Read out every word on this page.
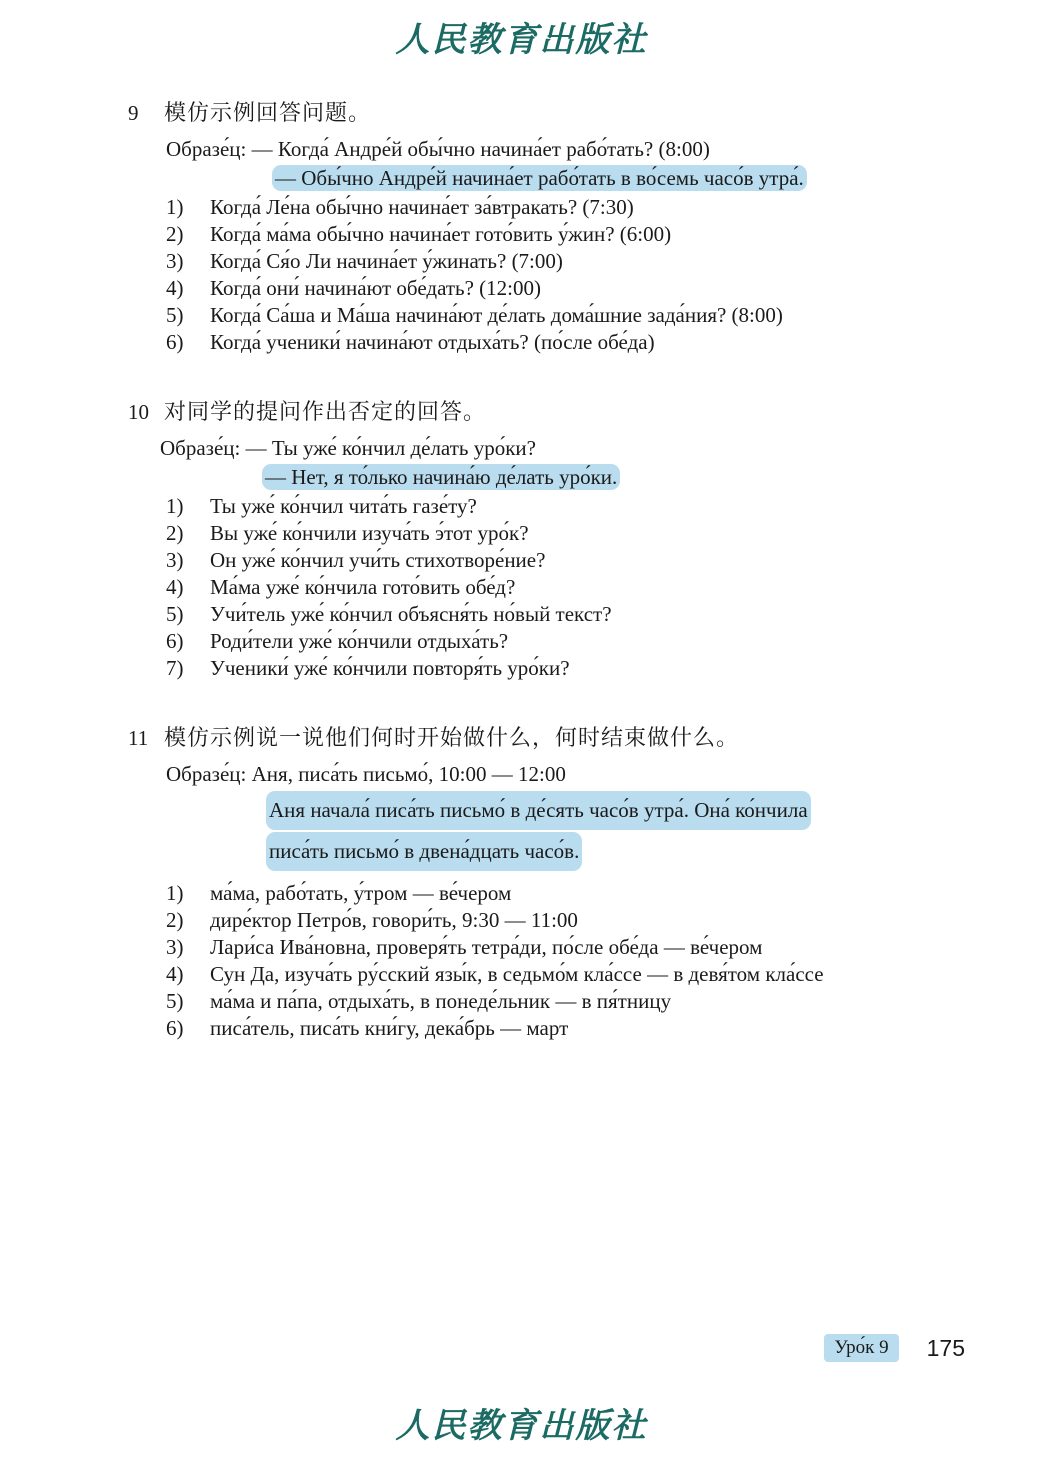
人民教育出版社
9	模仿示例回答问题。
Образе́ц: — Когда́ Андре́й обы́чно начина́ет рабо́тать? (8:00)
— Обы́чно Андре́й начина́ет рабо́тать в во́семь часо́в утра́.
1)	Когда́ Ле́на обы́чно начина́ет за́втракать? (7:30)
2)	Когда́ ма́ма обы́чно начина́ет гото́вить у́жин? (6:00)
3)	Когда́ Ся́о Ли начина́ет у́жинать? (7:00)
4)	Когда́ они́ начина́ют обе́дать? (12:00)
5)	Когда́ Са́ша и Ма́ша начина́ют де́лать дома́шние зада́ния? (8:00)
6)	Когда́ ученики́ начина́ют отдыха́ть? (по́сле обе́да)
10 对同学的提问作出否定的回答。
Образе́ц: — Ты уже́ ко́нчил де́лать уро́ки?
— Нет, я то́лько начина́ю де́лать уро́ки.
1)	Ты уже́ ко́нчил чита́ть газе́ту?
2)	Вы уже́ ко́нчили изуча́ть э́тот уро́к?
3)	Он уже́ ко́нчил учи́ть стихотворе́ние?
4)	Ма́ма уже́ ко́нчила гото́вить обе́д?
5)	Учи́тель уже́ ко́нчил объясня́ть но́вый текст?
6)	Роди́тели уже́ ко́нчили отдыха́ть?
7)	Ученики́ уже́ ко́нчили повторя́ть уро́ки?
11 模仿示例说一说他们何时开始做什么，何时结束做什么。
Образе́ц: Аня, писа́ть письмо́, 10:00 — 12:00
Аня начала́ писа́ть письмо́ в де́сять часо́в утра́. Она́ ко́нчила
писа́ть письмо́ в двена́дцать часо́в.
1)	ма́ма, рабо́тать, у́тром — ве́чером
2)	дире́ктор Петро́в, говори́ть, 9:30 — 11:00
3)	Лари́са Ива́новна, проверя́ть тетра́ди, по́сле обе́да — ве́чером
4)	Сун Да, изуча́ть ру́сский язы́к, в седьмо́м кла́ссе — в девя́том кла́ссе
5)	ма́ма и па́па, отдыха́ть, в понеде́льник — в пя́тницу
6)	писа́тель, писа́ть кни́гу, дека́брь — март
Уро́к 9	175
人民教育出版社
